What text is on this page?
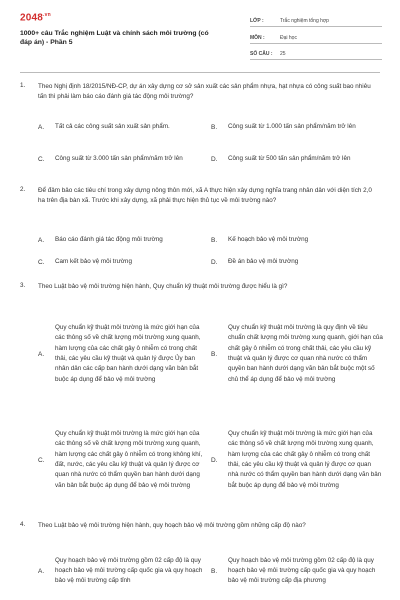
$2048^{.vn}$
1000+ câu Trắc nghiệm Luật và chính sách môi trường (có đáp án) - Phần 5
LỚP :	Trắc nghiệm tổng hợp
MÔN :	Đại học
SỐ CÂU :	25
1. Theo Nghị định 18/2015/NĐ-CP, dự án xây dựng cơ sở sản xuất các sản phẩm nhựa, hạt nhựa có công suất bao nhiêu tấn thì phải làm báo cáo đánh giá tác động môi trường?
A.	Tất cả các công suất sản xuất sản phẩm.	B.	Công suất từ 1.000 tấn sản phẩm/năm trở lên
C.	Công suất từ 3.000 tấn sản phẩm/năm trở lên	D.	Công suất từ 500 tấn sản phẩm/năm trở lên
2. Để đảm bảo các tiêu chí trong xây dựng nông thôn mới, xã A thực hiện xây dựng nghĩa trang nhân dân với diện tích 2,0 ha trên địa bàn xã. Trước khi xây dựng, xã phải thực hiện thủ tục về môi trường nào?
A.	Báo cáo đánh giá tác động môi trường	B.	Kế hoạch bảo vệ môi trường
C.	Cam kết bảo vệ môi trường	D.	Đề án bảo vệ môi trường
3. Theo Luật bảo vệ môi trường hiện hành, Quy chuẩn kỹ thuật môi trường được hiểu là gì?
A.
Quy chuẩn kỹ thuật môi trường là mức giới hạn của các thông số về chất lượng môi trường xung quanh, hàm lượng của các chất gây ô nhiễm có trong chất thải, các yêu cầu kỹ thuật và quản lý được Ủy ban nhân dân các cấp ban hành dưới dạng văn bản bắt buộc áp dụng để bảo vệ môi trường
B.
Quy chuẩn kỹ thuật môi trường là quy định về tiêu chuẩn chất lượng môi trường xung quanh, giới hạn của chất gây ô nhiễm có trong chất thải, các yêu cầu kỹ thuật và quản lý được cơ quan nhà nước có thẩm quyền ban hành dưới dạng văn bản bắt buộc một số chủ thể áp dụng để bảo vệ môi trường
C.
Quy chuẩn kỹ thuật môi trường là mức giới hạn của các thông số về chất lượng môi trường xung quanh, hàm lượng các chất gây ô nhiễm có trong không khí, đất, nước, các yêu cầu kỹ thuật và quản lý được cơ quan nhà nước có thẩm quyền ban hành dưới dạng văn bản bắt buộc áp dụng để bảo vệ môi trường
D.
Quy chuẩn kỹ thuật môi trường là mức giới hạn của các thông số về chất lượng môi trường xung quanh, hàm lượng của các chất gây ô nhiễm có trong chất thải, các yêu cầu kỹ thuật và quản lý được cơ quan nhà nước có thẩm quyền ban hành dưới dạng văn bản bắt buộc áp dụng để bảo vệ môi trường
4. Theo Luật bảo vệ môi trường hiện hành, quy hoạch bảo vệ môi trường gồm những cấp độ nào?
A.
Quy hoạch bảo vệ môi trường gồm 02 cấp độ là quy hoạch bảo vệ môi trường cấp quốc gia và quy hoạch bảo vệ môi trường cấp tỉnh
B.
Quy hoạch bảo vệ môi trường gồm 02 cấp độ là quy hoạch bảo vệ môi trường cấp quốc gia và quy hoạch bảo vệ môi trường cấp địa phương
